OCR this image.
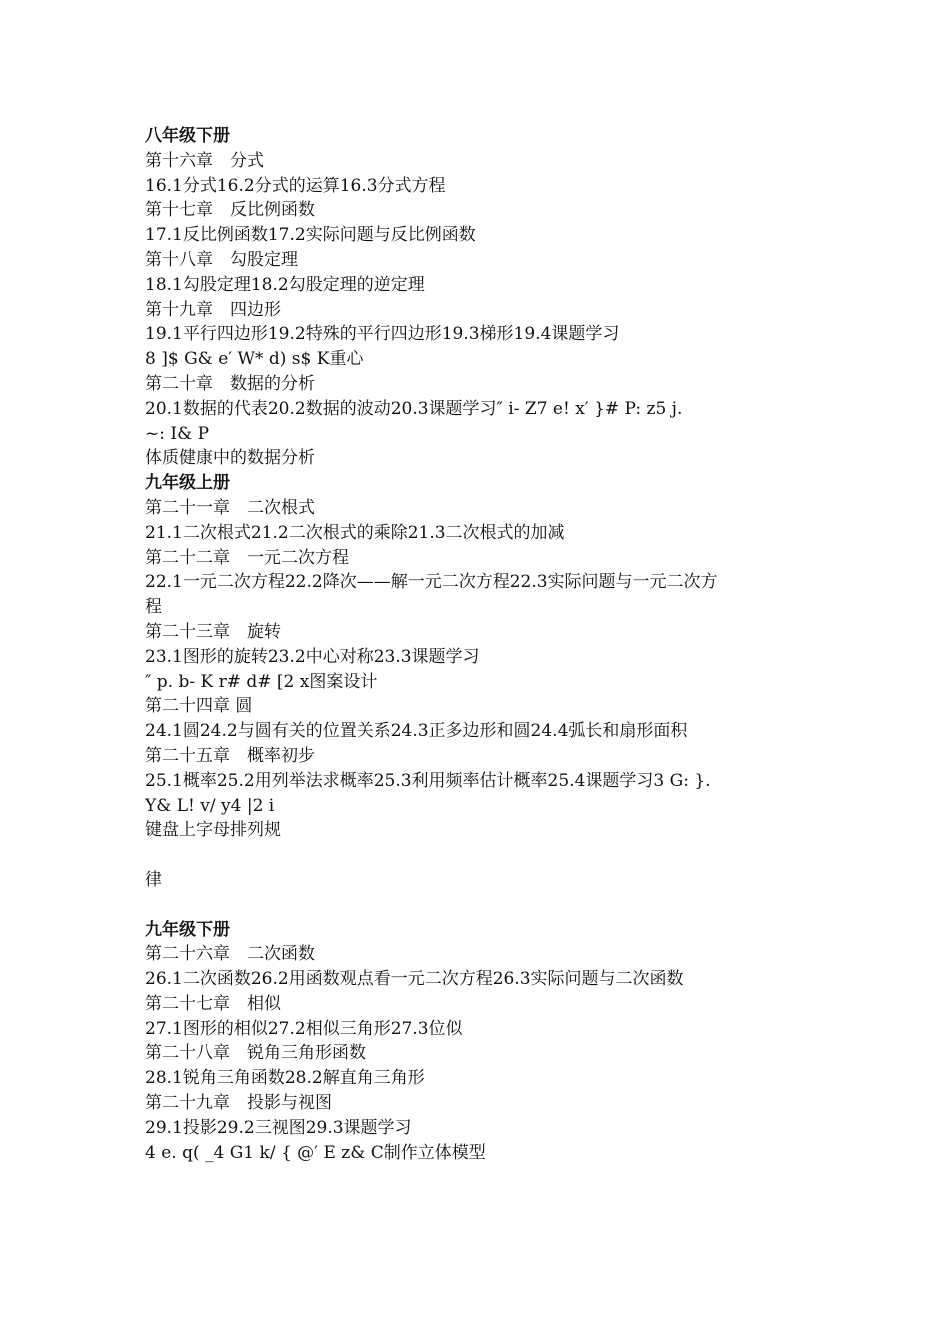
八年级下册
第十六章　分式
16.1分式16.2分式的运算16.3分式方程
第十七章　反比例函数
17.1反比例函数17.2实际问题与反比例函数
第十八章　勾股定理
18.1勾股定理18.2勾股定理的逆定理
第十九章　四边形
19.1平行四边形19.2特殊的平行四边形19.3梯形19.4课题学习
8 ]$ G& e′ W* d) s$ K重心
第二十章　数据的分析
20.1数据的代表20.2数据的波动20.3课题学习″ i- Z7 e! x′ }# P: z5 j.
~: I& P
体质健康中的数据分析
九年级上册
第二十一章　二次根式
21.1二次根式21.2二次根式的乘除21.3二次根式的加减
第二十二章　一元二次方程
22.1一元二次方程22.2降次——解一元二次方程22.3实际问题与一元二次方
程
第二十三章　旋转
23.1图形的旋转23.2中心对称23.3课题学习
″ p. b- K r# d# [2 x图案设计
第二十四章 圆
24.1圆24.2与圆有关的位置关系24.3正多边形和圆24.4弧长和扇形面积
第二十五章　概率初步
25.1概率25.2用列举法求概率25.3利用频率估计概率25.4课题学习3 G: }.
Y& L! v/ y4 |2 i
键盘上字母排列规
律
九年级下册
第二十六章　二次函数
26.1二次函数26.2用函数观点看一元二次方程26.3实际问题与二次函数
第二十七章　相似
27.1图形的相似27.2相似三角形27.3位似
第二十八章　锐角三角形函数
28.1锐角三角函数28.2解直角三角形
第二十九章　投影与视图
29.1投影29.2三视图29.3课题学习
4 e. q( _4 G1 k/ { @′ E z& C制作立体模型
